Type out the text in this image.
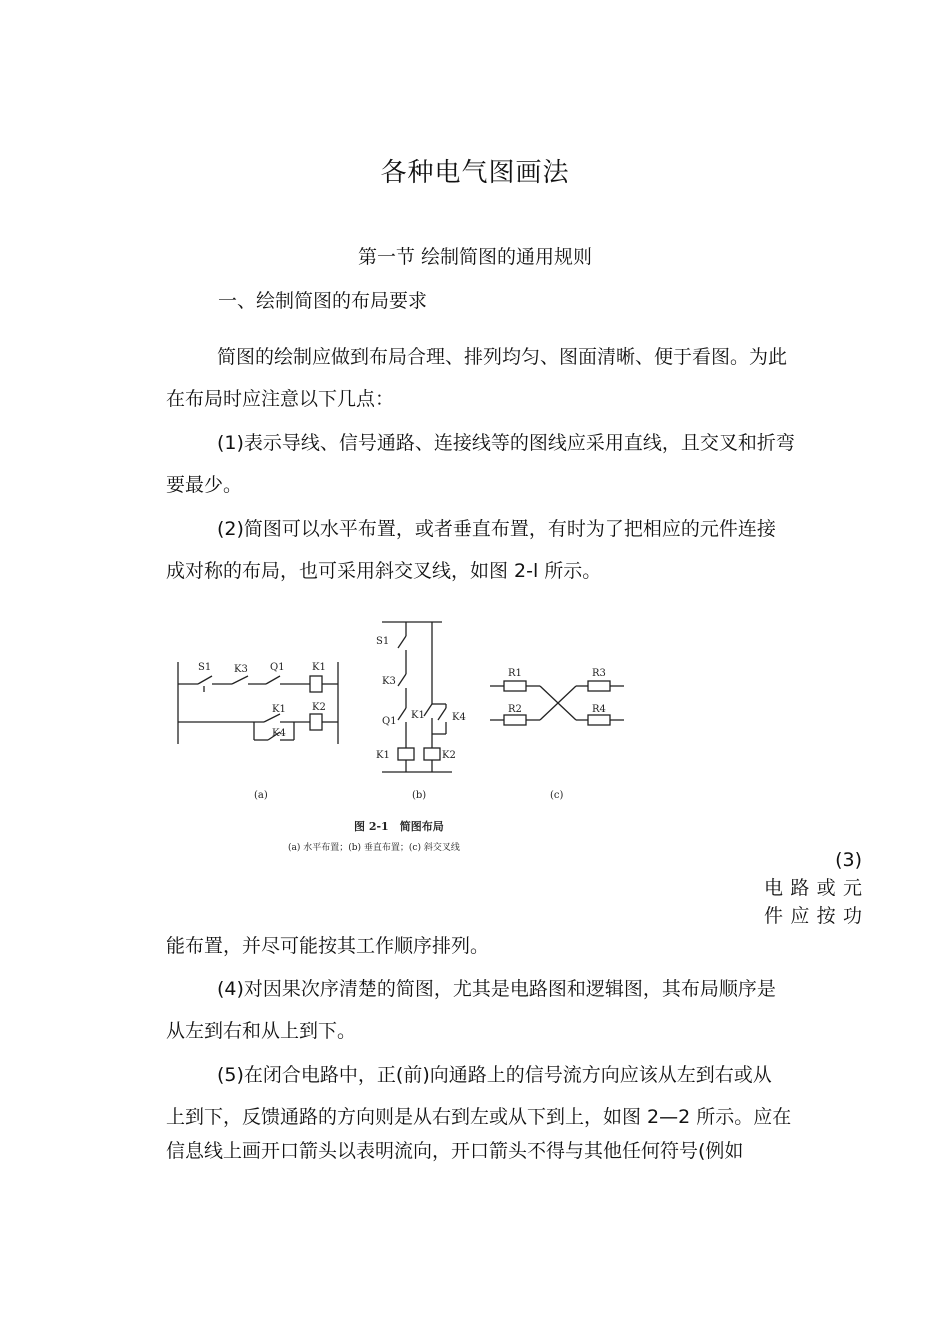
各种电气图画法
第一节 绘制简图的通用规则
一、绘制简图的布局要求
简图的绘制应做到布局合理、排列均匀、图面清晰、便于看图。为此
在布局时应注意以下几点：
(1)表示导线、信号通路、连接线等的图线应采用直线，且交叉和折弯
要最少。
(2)简图可以水平布置，或者垂直布置，有时为了把相应的元件连接
成对称的布局，也可采用斜交叉线，如图 2-l 所示。
S1 K3 Q1	K1
K1	K2
K4
S1
K3
Q1
K1	K4
K1	K2
R1
R2
R3
R4
(a)	(b)	(c)
图 2-1　简图布局
(a) 水平布置；(b) 垂直布置；(c) 斜交叉线
(3)
电路或元
件应按功
能布置，并尽可能按其工作顺序排列。
(4)对因果次序清楚的简图，尤其是电路图和逻辑图，其布局顺序是
从左到右和从上到下。
(5)在闭合电路中，正(前)向通路上的信号流方向应该从左到右或从
上到下，反馈通路的方向则是从右到左或从下到上，如图 2—2 所示。应在
信息线上画开口箭头以表明流向，开口箭头不得与其他任何符号(例如
